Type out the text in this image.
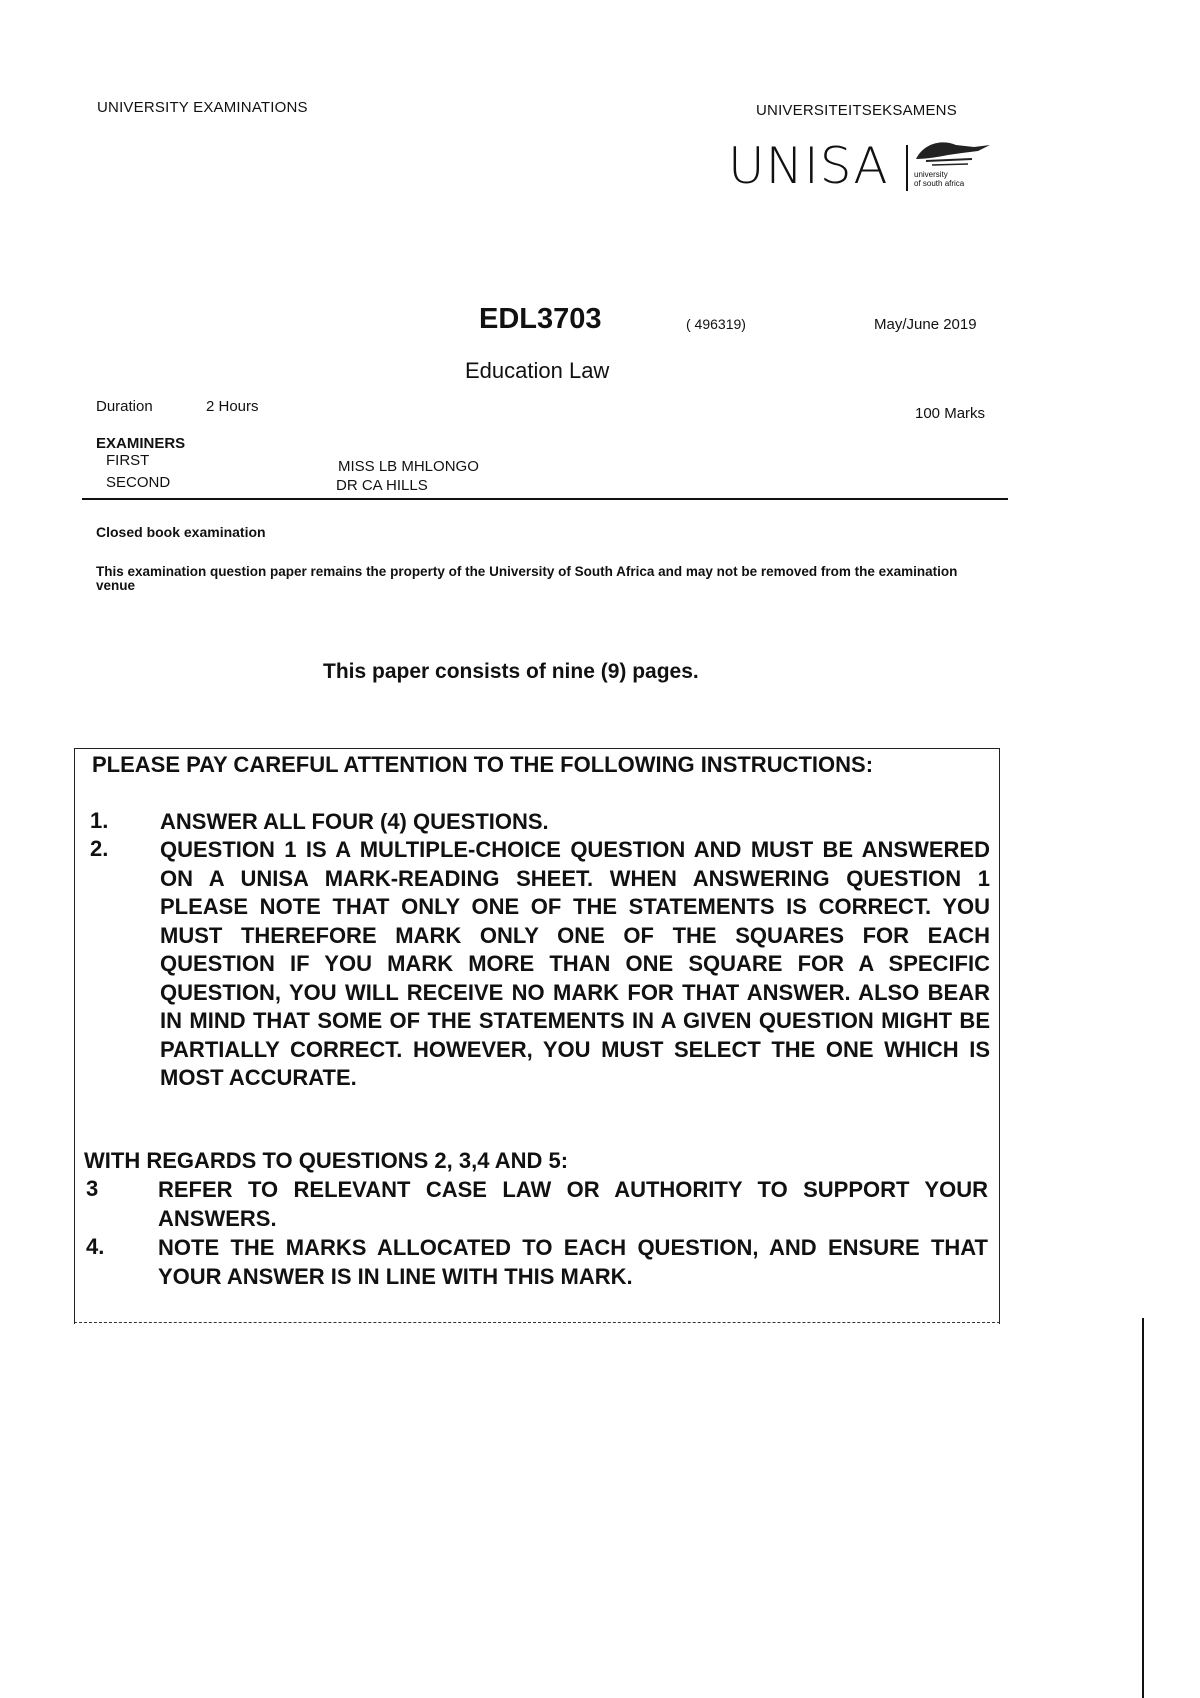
UNIVERSITY EXAMINATIONS	UNIVERSITEITSEKSAMENS
UNISA	university
of south africa
EDL3703	( 496319)	May/June 2019
Education Law
Duration	2 Hours	100 Marks
EXAMINERS
FIRST	MISS LB MHLONGO
SECOND	DR CA HILLS
Closed book examination
This examination question paper remains the property of the University of South Africa and may not be removed from the examination venue
This paper consists of nine (9) pages.
PLEASE PAY CAREFUL ATTENTION TO THE FOLLOWING INSTRUCTIONS:
1. ANSWER ALL FOUR (4) QUESTIONS.
2. QUESTION 1 IS A MULTIPLE-CHOICE QUESTION AND MUST BE ANSWERED ON A UNISA MARK-READING SHEET. WHEN ANSWERING QUESTION 1 PLEASE NOTE THAT ONLY ONE OF THE STATEMENTS IS CORRECT. YOU MUST THEREFORE MARK ONLY ONE OF THE SQUARES FOR EACH QUESTION IF YOU MARK MORE THAN ONE SQUARE FOR A SPECIFIC QUESTION, YOU WILL RECEIVE NO MARK FOR THAT ANSWER. ALSO BEAR IN MIND THAT SOME OF THE STATEMENTS IN A GIVEN QUESTION MIGHT BE PARTIALLY CORRECT. HOWEVER, YOU MUST SELECT THE ONE WHICH IS MOST ACCURATE.
WITH REGARDS TO QUESTIONS 2, 3,4 AND 5:
3	REFER TO RELEVANT CASE LAW OR AUTHORITY TO SUPPORT YOUR ANSWERS.
4. NOTE THE MARKS ALLOCATED TO EACH QUESTION, AND ENSURE THAT YOUR ANSWER IS IN LINE WITH THIS MARK.
